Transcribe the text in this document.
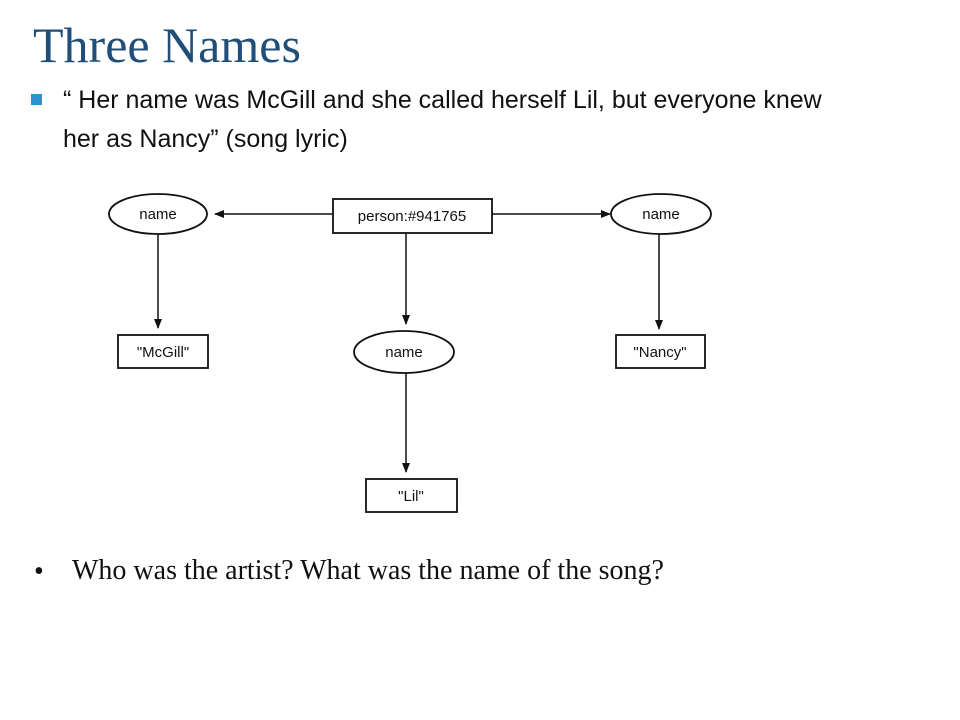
Three Names

“ Her name was McGill and she called herself Lil, but everyone knew her as Nancy” (song lyric)

person:#941765
name	name
name
"McGill"	"Nancy"
"Lil"
• Who was the artist? What was the name of the song?
